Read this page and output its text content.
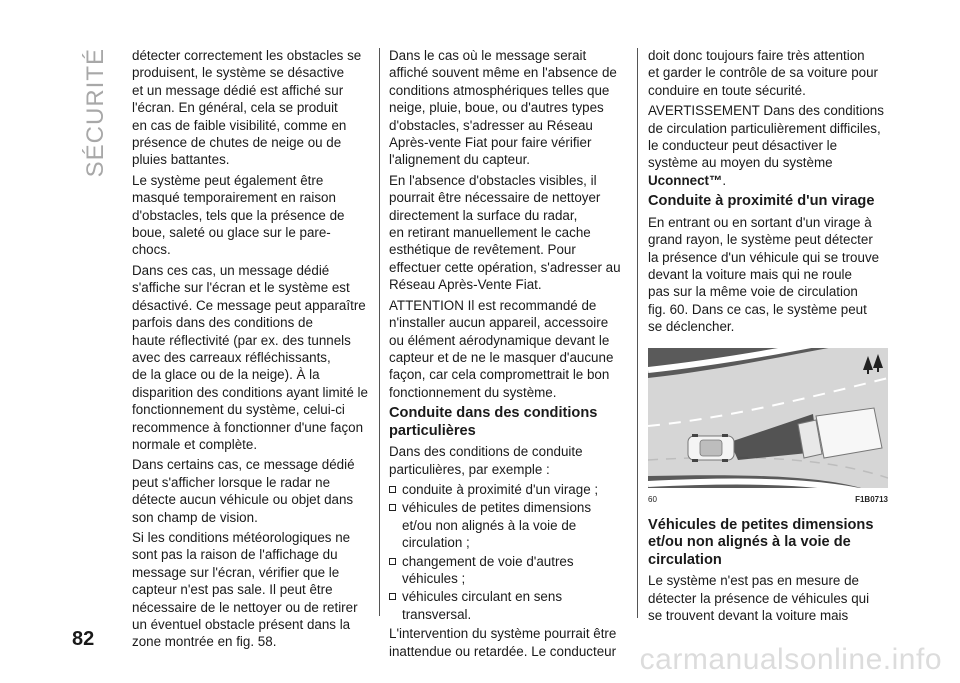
SÉCURITÉ
82

détecter correctement les obstacles se
produisent, le système se désactive
et un message dédié est affiché sur
l'écran. En général, cela se produit
en cas de faible visibilité, comme en
présence de chutes de neige ou de
pluies battantes.

Le système peut également être
masqué temporairement en raison
d'obstacles, tels que la présence de
boue, saleté ou glace sur le pare-
chocs.

Dans ces cas, un message dédié
s'affiche sur l'écran et le système est
désactivé. Ce message peut apparaître
parfois dans des conditions de
haute réflectivité (par ex. des tunnels
avec des carreaux réfléchissants,
de la glace ou de la neige). À la
disparition des conditions ayant limité le
fonctionnement du système, celui-ci
recommence à fonctionner d'une façon
normale et complète.

Dans certains cas, ce message dédié
peut s'afficher lorsque le radar ne
détecte aucun véhicule ou objet dans
son champ de vision.

Si les conditions météorologiques ne
sont pas la raison de l'affichage du
message sur l'écran, vérifier que le
capteur n'est pas sale. Il peut être
nécessaire de le nettoyer ou de retirer
un éventuel obstacle présent dans la
zone montrée en fig. 58.

Dans le cas où le message serait
affiché souvent même en l'absence de
conditions atmosphériques telles que
neige, pluie, boue, ou d'autres types
d'obstacles, s'adresser au Réseau
Après-vente Fiat pour faire vérifier
l'alignement du capteur.

En l'absence d'obstacles visibles, il
pourrait être nécessaire de nettoyer
directement la surface du radar,
en retirant manuellement le cache
esthétique de revêtement. Pour
effectuer cette opération, s'adresser au
Réseau Après-Vente Fiat.

ATTENTION Il est recommandé de
n'installer aucun appareil, accessoire
ou élément aérodynamique devant le
capteur et de ne le masquer d'aucune
façon, car cela compromettrait le bon
fonctionnement du système.

Conduite dans des conditions
particulières

Dans des conditions de conduite
particulières, par exemple :

conduite à proximité d'un virage ;
véhicules de petites dimensions
et/ou non alignés à la voie de
circulation ;
changement de voie d'autres
véhicules ;
véhicules circulant en sens
transversal.

L'intervention du système pourrait être
inattendue ou retardée. Le conducteur

doit donc toujours faire très attention
et garder le contrôle de sa voiture pour
conduire en toute sécurité.

AVERTISSEMENT Dans des conditions
de circulation particulièrement difficiles,
le conducteur peut désactiver le
système au moyen du système
Uconnect™.

Conduite à proximité d'un virage

En entrant ou en sortant d'un virage à
grand rayon, le système peut détecter
la présence d'un véhicule qui se trouve
devant la voiture mais qui ne roule
pas sur la même voie de circulation
fig. 60. Dans ce cas, le système peut
se déclencher.

60	F1B0713
Véhicules de petites dimensions
et/ou non alignés à la voie de
circulation

Le système n'est pas en mesure de
détecter la présence de véhicules qui
se trouvent devant la voiture mais

carmanualsonline.info
